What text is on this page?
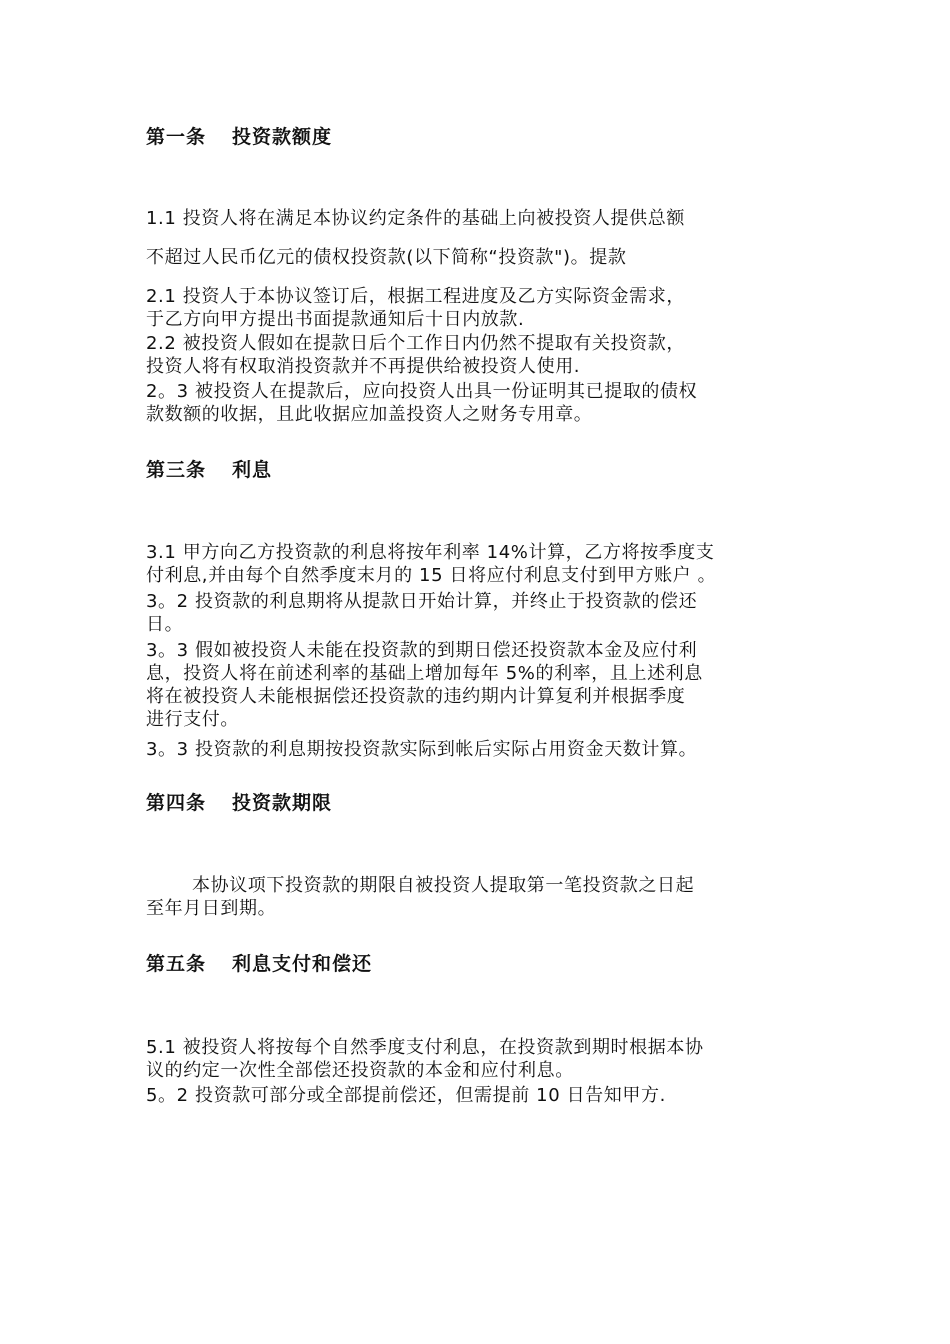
第一条 投资款额度
1.1 投资人将在满足本协议约定条件的基础上向被投资人提供总额
不超过人民币亿元的债权投资款(以下简称“投资款")。提款
2.1 投资人于本协议签订后，根据工程进度及乙方实际资金需求，
于乙方向甲方提出书面提款通知后十日内放款.
2.2 被投资人假如在提款日后个工作日内仍然不提取有关投资款，
投资人将有权取消投资款并不再提供给被投资人使用.
2。3 被投资人在提款后，应向投资人出具一份证明其已提取的债权
款数额的收据，且此收据应加盖投资人之财务专用章。
第三条 利息
3.1 甲方向乙方投资款的利息将按年利率 14%计算，乙方将按季度支
付利息,并由每个自然季度末月的 15 日将应付利息支付到甲方账户 。
3。2 投资款的利息期将从提款日开始计算，并终止于投资款的偿还
日。
3。3 假如被投资人未能在投资款的到期日偿还投资款本金及应付利
息，投资人将在前述利率的基础上增加每年 5%的利率，且上述利息
将在被投资人未能根据偿还投资款的违约期内计算复利并根据季度
进行支付。
3。3 投资款的利息期按投资款实际到帐后实际占用资金天数计算。
第四条 投资款期限
本协议项下投资款的期限自被投资人提取第一笔投资款之日起
至年月日到期。
第五条 利息支付和偿还
5.1 被投资人将按每个自然季度支付利息，在投资款到期时根据本协
议的约定一次性全部偿还投资款的本金和应付利息。
5。2 投资款可部分或全部提前偿还，但需提前 10 日告知甲方.
